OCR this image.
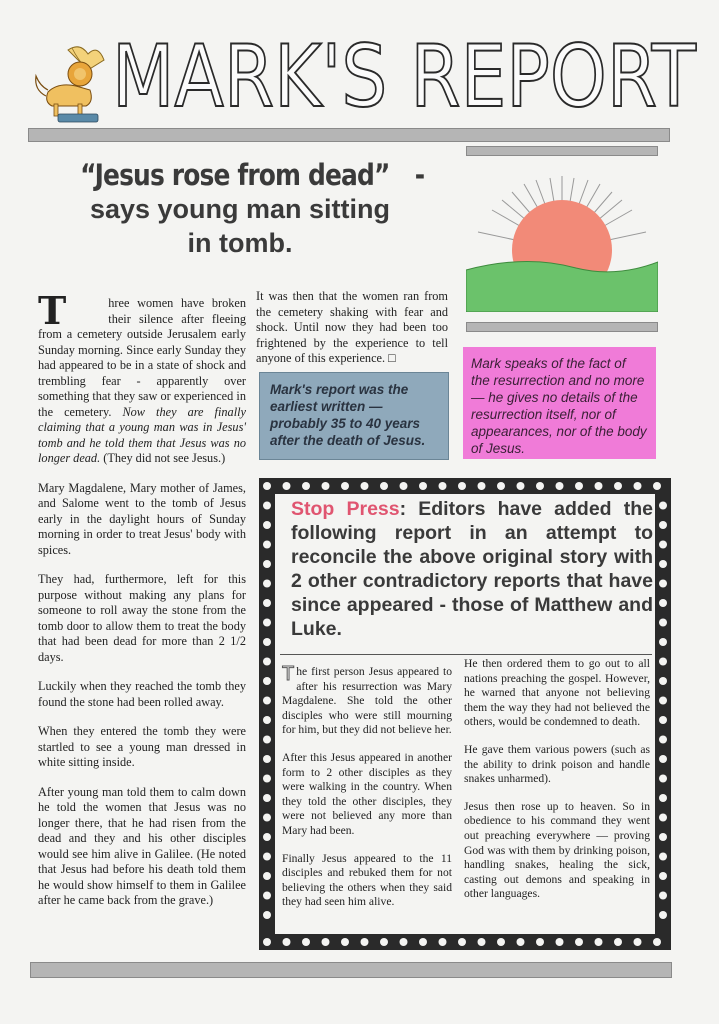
MARK'S REPORT
“Jesus rose from dead”-
says young man sitting
in tomb.

T	hree women have broken their silence after fleeing from a cemetery outside Jerusalem early Sunday morning. Since early Sunday they had appeared to be in a state of shock and trembling fear - apparently over something that they saw or experienced in the cemetery. Now they are finally claiming that a young man was in Jesus' tomb and he told them that Jesus was no longer dead. (They did not see Jesus.)

Mary Magdalene, Mary mother of James, and Salome went to the tomb of Jesus early in the daylight hours of Sunday morning in order to treat Jesus' body with spices.

They had, furthermore, left for this purpose without making any plans for someone to roll away the stone from the tomb door to allow them to treat the body that had been dead for more than 2 1/2 days.

Luckily when they reached the tomb they found the stone had been rolled away.

When they entered the tomb they were startled to see a young man dressed in white sitting inside.

After young man told them to calm down he told the women that Jesus was no longer there, that he had risen from the dead and they and his other disciples would see him alive in Galilee. (He noted that Jesus had before his death told them he would show himself to them in Galilee after he came back from the grave.)

It was then that the women ran from the cemetery shaking with fear and shock. Until now they had been too frightened by the experience to tell anyone of this experience. □

Mark's report was the earliest written — probably 35 to 40 years after the death of Jesus.
Mark speaks of the fact of the resurrection and no more — he gives no details of the resurrection itself, nor of appearances, nor of the body of Jesus.
Stop Press: Editors have added the following report in an attempt to reconcile the above original story with 2 other contradictory reports that have since appeared - those of Matthew and Luke.

The first person Jesus appeared to after his resurrection was Mary Magdalene. She told the other disciples who were still mourning for him, but they did not believe her.

After this Jesus appeared in another form to 2 other disciples as they were walking in the country. When they told the other disciples, they were not believed any more than Mary had been.

Finally Jesus appeared to the 11 disciples and rebuked them for not believing the others when they said they had seen him alive.

He then ordered them to go out to all nations preaching the gospel. However, he warned that anyone not believing them the way they had not believed the others, would be condemned to death.

He gave them various powers (such as the ability to drink poison and handle snakes unharmed).

Jesus then rose up to heaven. So in obedience to his command they went out preaching everywhere — proving God was with them by drinking poison, handling snakes, healing the sick, casting out demons and speaking in other languages.
